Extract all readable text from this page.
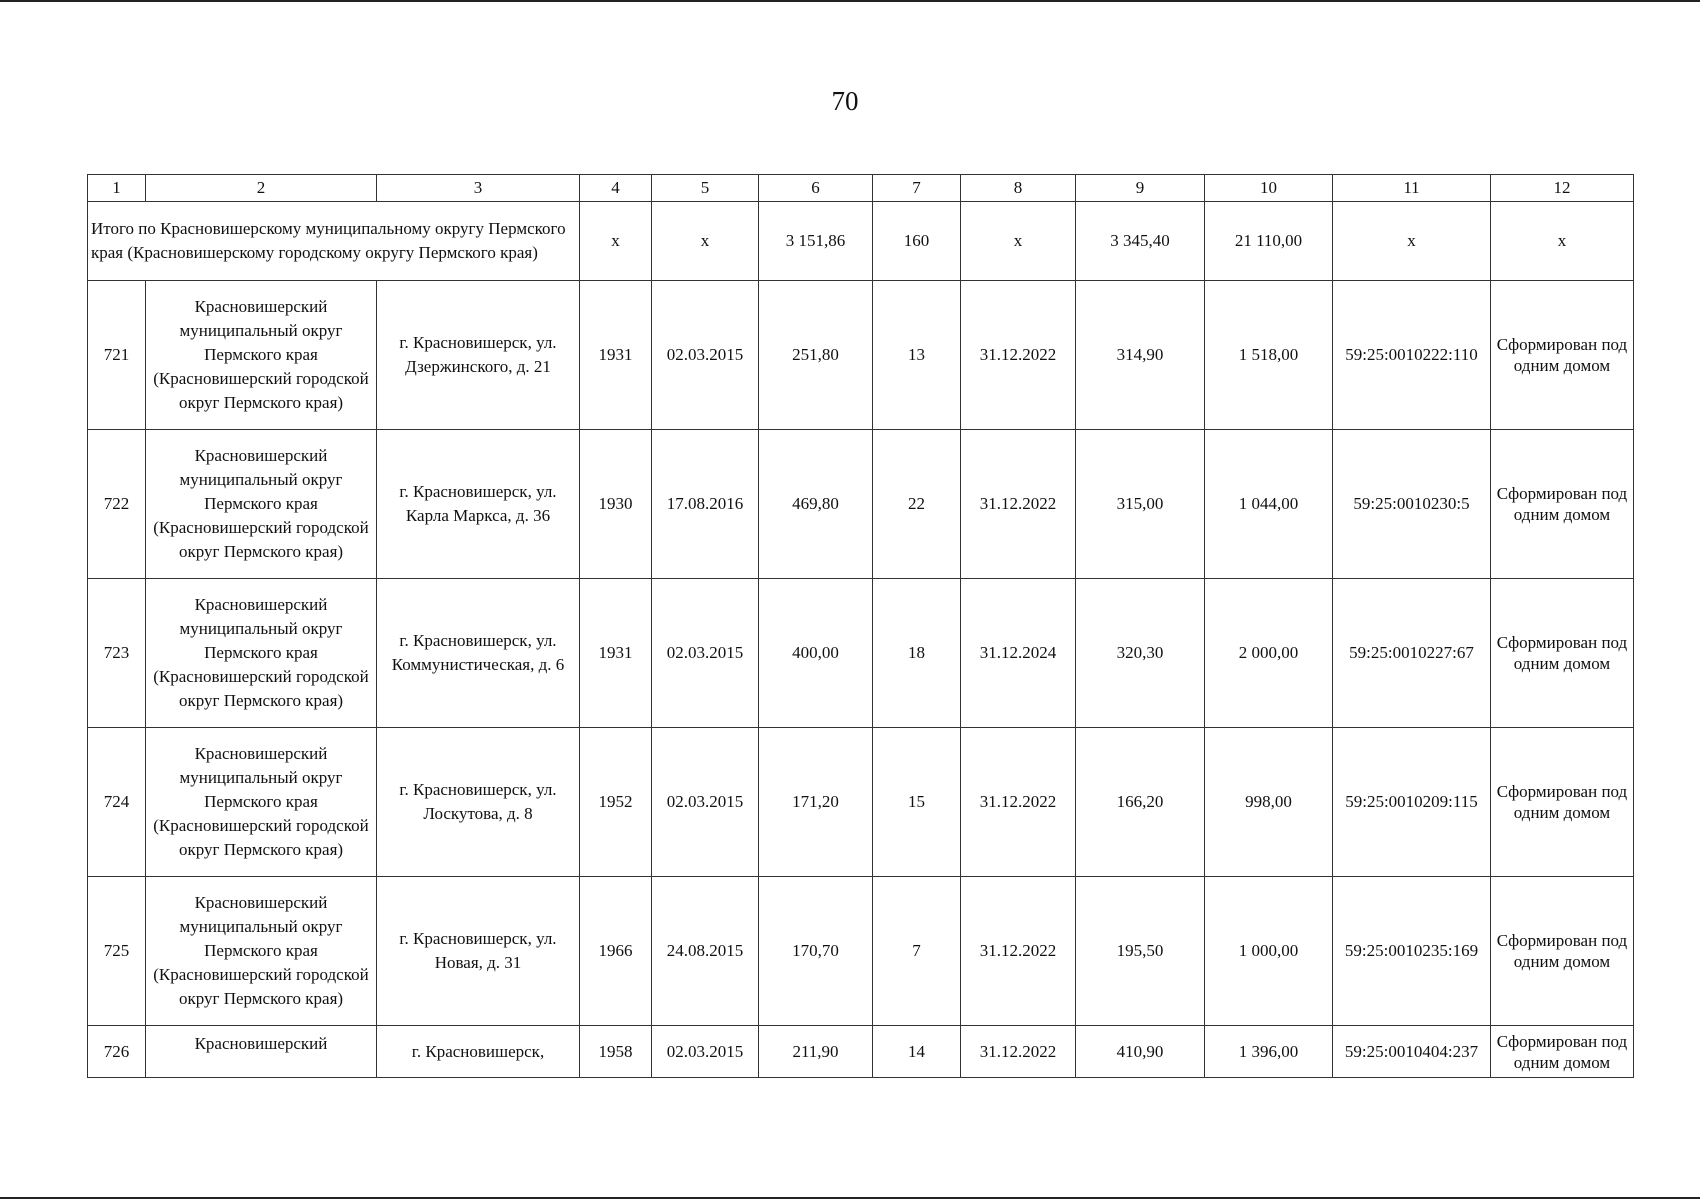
70
1	2	3	4	5	6	7	8	9	10	11	12
Итого по Красновишерскому муниципальному округу Пермского края (Красновишерскому городскому округу Пермского края)			x	x	3 151,86	160	x	3 345,40	21 110,00	x	x
721	Красновишерский муниципальный округ Пермского края (Красновишерский городской округ Пермского края)	г. Красновишерск, ул. Дзержинского, д. 21	1931	02.03.2015	251,80	13	31.12.2022	314,90	1 518,00	59:25:0010222:110	Сформирован под одним домом
722	Красновишерский муниципальный округ Пермского края (Красновишерский городской округ Пермского края)	г. Красновишерск, ул. Карла Маркса, д. 36	1930	17.08.2016	469,80	22	31.12.2022	315,00	1 044,00	59:25:0010230:5	Сформирован под одним домом
723	Красновишерский муниципальный округ Пермского края (Красновишерский городской округ Пермского края)	г. Красновишерск, ул. Коммунистическая, д. 6	1931	02.03.2015	400,00	18	31.12.2024	320,30	2 000,00	59:25:0010227:67	Сформирован под одним домом
724	Красновишерский муниципальный округ Пермского края (Красновишерский городской округ Пермского края)	г. Красновишерск, ул. Лоскутова, д. 8	1952	02.03.2015	171,20	15	31.12.2022	166,20	998,00	59:25:0010209:115	Сформирован под одним домом
725	Красновишерский муниципальный округ Пермского края (Красновишерский городской округ Пермского края)	г. Красновишерск, ул. Новая, д. 31	1966	24.08.2015	170,70	7	31.12.2022	195,50	1 000,00	59:25:0010235:169	Сформирован под одним домом
726	Красновишерский	г. Красновишерск,	1958	02.03.2015	211,90	14	31.12.2022	410,90	1 396,00	59:25:0010404:237	Сформирован под одним домом
